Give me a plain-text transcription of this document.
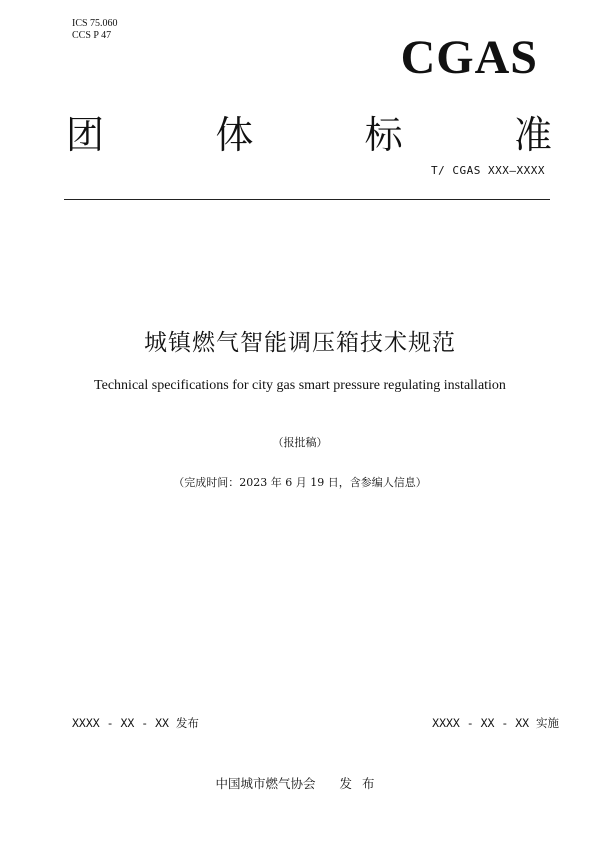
ICS 75.060
CCS P 47	CGAS
团	体	标	准
T/ CGAS XXX—XXXX
城镇燃气智能调压箱技术规范
Technical specifications for city gas smart pressure regulating installation
（报批稿）
（完成时间：2023 年 6 月 19 日，含参编人信息）
XXXX - XX - XX 发布	XXXX - XX - XX 实施
中国城市燃气协会 发布
